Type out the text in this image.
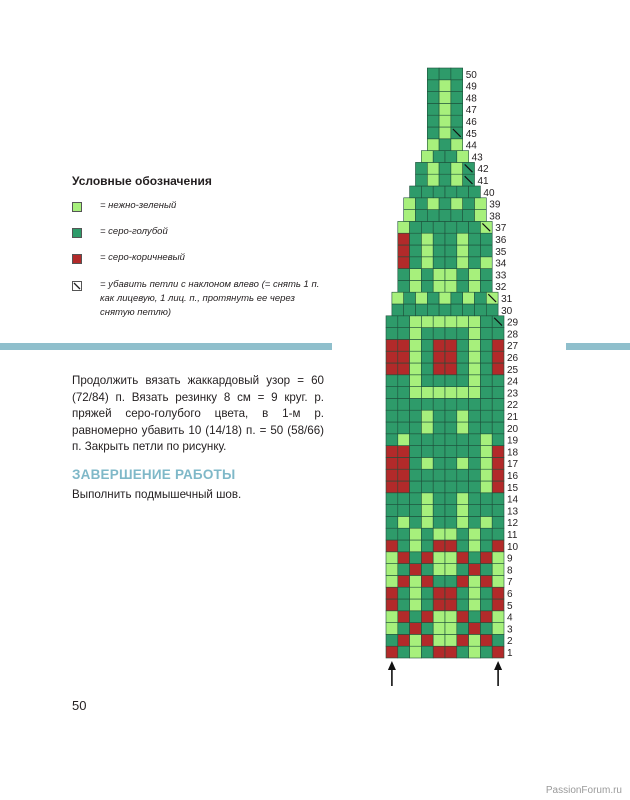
Условные обозначения
= нежно-зеленый
= серо-голубой
= серо-коричневый
= убавить петли с наклоном влево (= снять 1 п. как лицевую, 1 лиц. п., протянуть ее через снятую петлю)
Продолжить вязать жаккардовый узор = 60 (72/84) п. Вязать резинку 8 см = 9 круг. р. пряжей серо-голубого цвета, в 1-м р. равномерно убавить 10 (14/18) п. = 50 (58/66) п. Закрыть петли по рисунку.
ЗАВЕРШЕНИЕ РАБОТЫ
Выполнить подмышечный шов.
50
PassionForum.ru
1
2
3
4
5
6
7
8
9
10
11
12
13
14
15
16
17
18
19
20
21
22
23
24
25
26
27
28
29
30
31
32
33
34
35
36
37
38
39
40
41
42
43
44
45
46
47
48
49
50
